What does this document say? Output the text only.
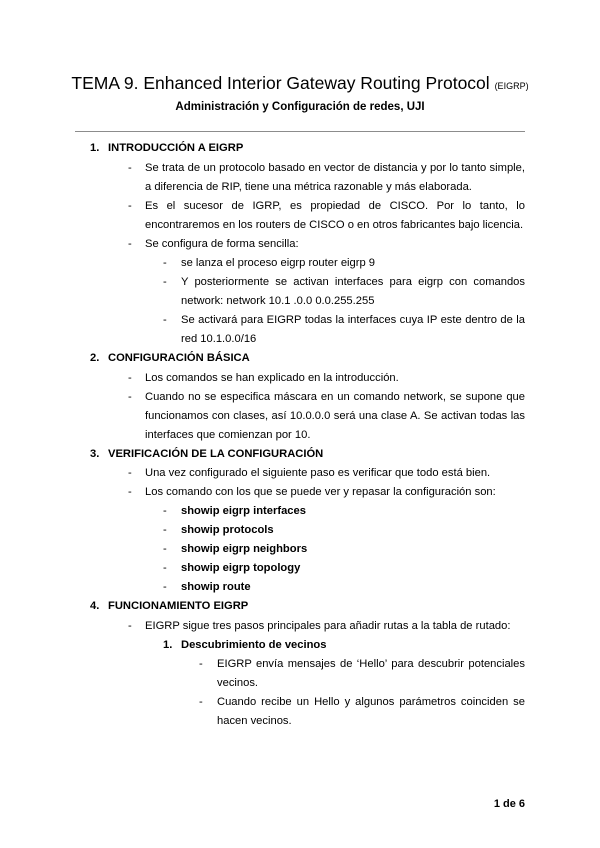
TEMA 9. Enhanced Interior Gateway Routing Protocol (EIGRP)
Administración y Configuración de redes, UJI
1. INTRODUCCIÓN A EIGRP
- Se trata de un protocolo basado en vector de distancia y por lo tanto simple,
a diferencia de RIP, tiene una métrica razonable y más elaborada.
- Es el sucesor de IGRP, es propiedad de CISCO. Por lo tanto, lo
encontraremos en los routers de CISCO o en otros fabricantes bajo licencia.
- Se configura de forma sencilla:
- se lanza el proceso eigrp router eigrp 9
- Y posteriormente se activan interfaces para eigrp con comandos
network: network 10.1 .0.0 0.0.255.255
- Se activará para EIGRP todas la interfaces cuya IP este dentro de la
red 10.1.0.0/16
2. CONFIGURACIÓN BÁSICA
- Los comandos se han explicado en la introducción.
- Cuando no se especifica máscara en un comando network, se supone que
funcionamos con clases, así 10.0.0.0 será una clase A. Se activan todas las
interfaces que comienzan por 10.
3. VERIFICACIÓN DE LA CONFIGURACIÓN
- Una vez configurado el siguiente paso es verificar que todo está bien.
- Los comando con los que se puede ver y repasar la configuración son:
- showip eigrp interfaces
- showip protocols
- showip eigrp neighbors
- showip eigrp topology
- showip route
4. FUNCIONAMIENTO EIGRP
- EIGRP sigue tres pasos principales para añadir rutas a la tabla de rutado:
1. Descubrimiento de vecinos
- EIGRP envía mensajes de ‘Hello’ para descubrir potenciales
vecinos.
- Cuando recibe un Hello y algunos parámetros coinciden se
hacen vecinos.
1 de 6
